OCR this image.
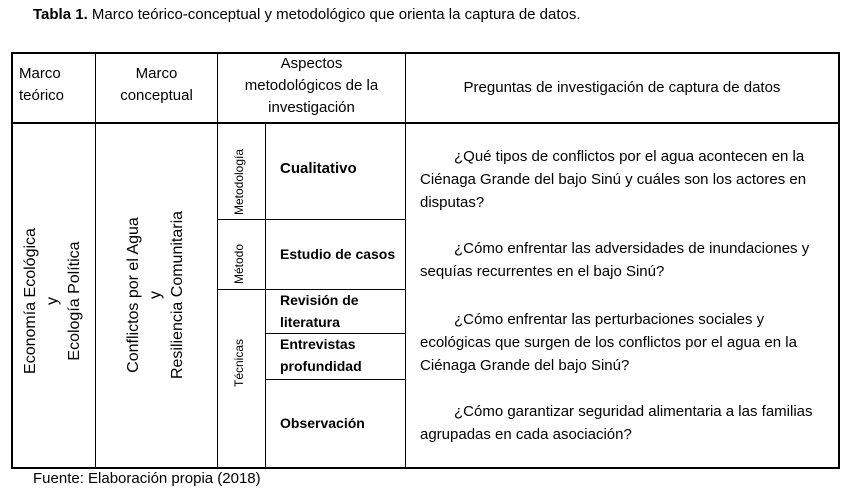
Tabla 1. Marco teórico-conceptual y metodológico que orienta la captura de datos.
Marco
teórico
Marco
conceptual
Aspectos
metodológicos de la
investigación
Preguntas de investigación de captura de datos
Economía Ecológica y Ecología Política	Conflictos por el Agua y Resiliencia Comunitaria
Metodología
Método
Técnicas
Cualitativo
Estudio de casos
Revisión de
literatura
Entrevistas
profundidad
Observación
¿Qué tipos de conflictos por el agua acontecen en la Ciénaga Grande del bajo Sinú y cuáles son los actores en disputas?
¿Cómo enfrentar las adversidades de inundaciones y sequías recurrentes en el bajo Sinú?
¿Cómo enfrentar las perturbaciones sociales y ecológicas que surgen de los conflictos por el agua en la Ciénaga Grande del bajo Sinú?
¿Cómo garantizar seguridad alimentaria a las familias agrupadas en cada asociación?
Fuente: Elaboración propia (2018)
